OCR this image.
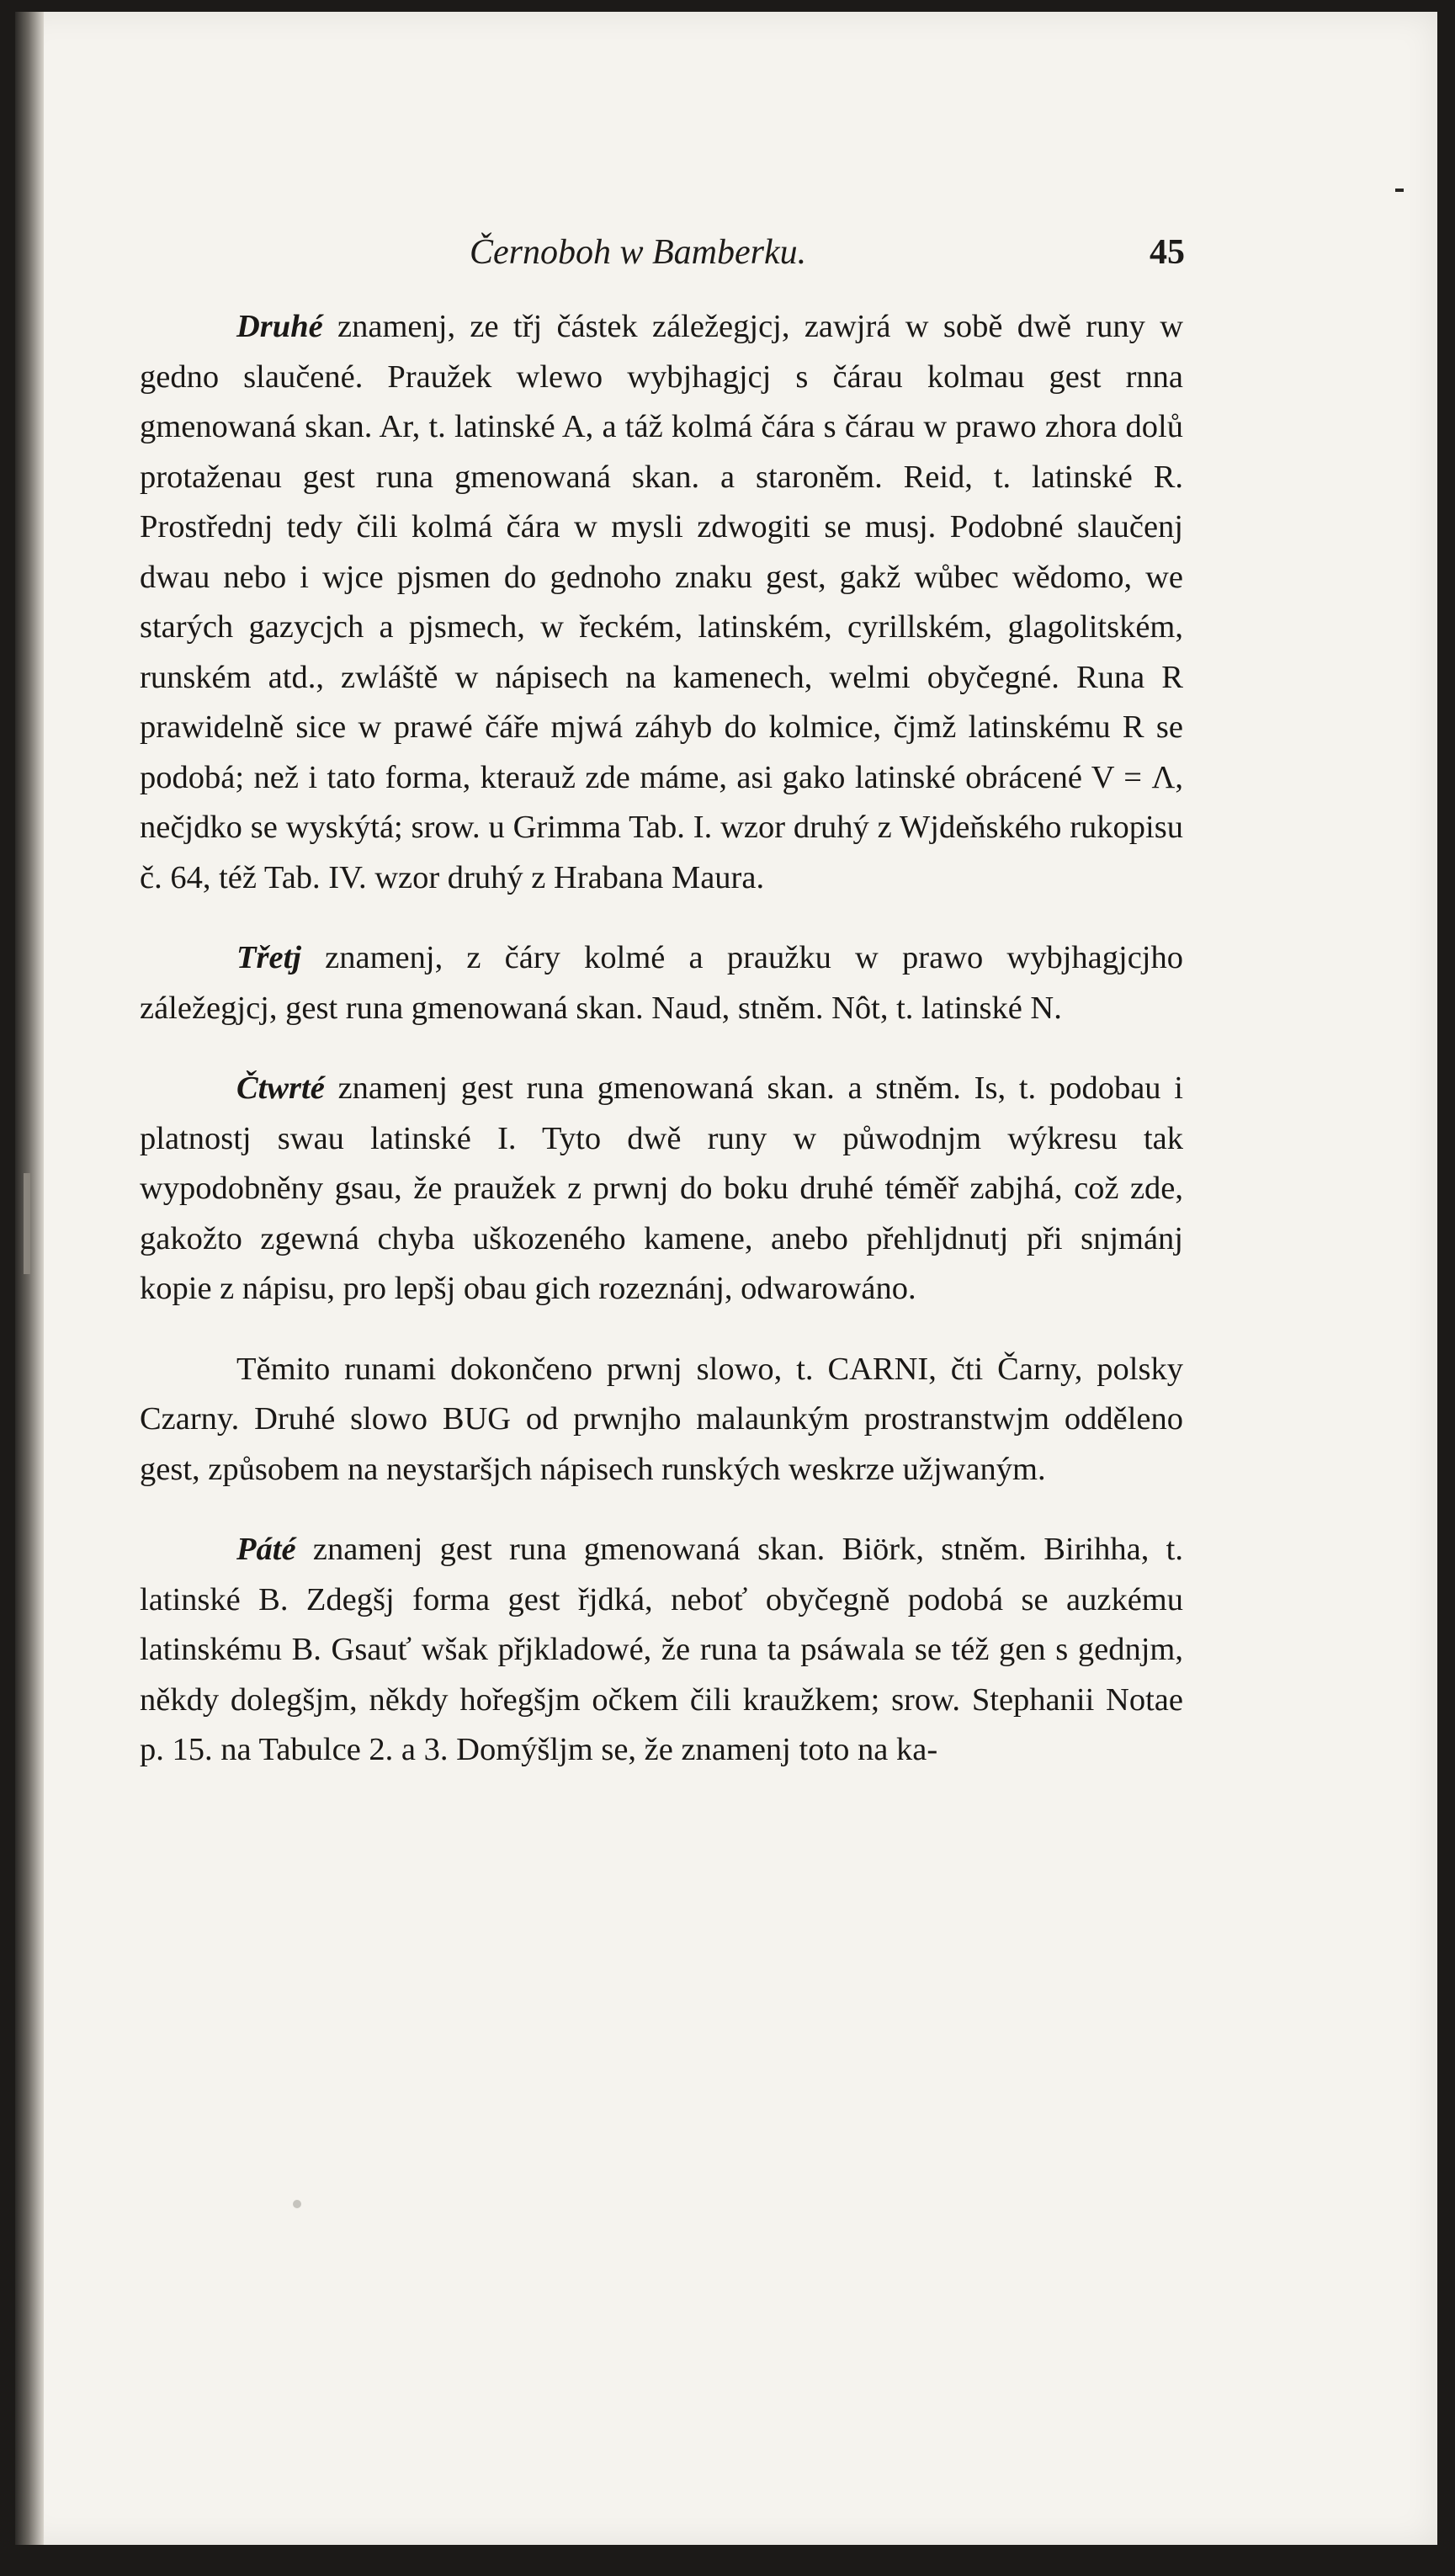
Černoboh w Bamberku.	45

Druhé znamenj, ze třj částek záležegjcj, zawjrá w sobě dwě runy w gedno slaučené. Praužek wlewo wybjhagjcj s čárau kolmau gest rnna gmenowaná skan. Ar, t. latinské A, a táž kolmá čára s čárau w prawo zhora dolů protaženau gest runa gmenowaná skan. a staroněm. Reid, t. latinské R. Prostřednj tedy čili kolmá čára w mysli zdwogiti se musj. Podobné slaučenj dwau nebo i wjce pjsmen do gednoho znaku gest, gakž wůbec wědomo, we starých gazycjch a pjsmech, w řeckém, latinském, cyrillském, glagolitském, runském atd., zwláště w nápisech na kamenech, welmi obyčegné. Runa R prawidelně sice w prawé čáře mjwá záhyb do kolmice, čjmž latinskému R se podobá; než i tato forma, kterauž zde máme, asi gako latinské obrácené V = Λ, nečjdko se wyskýtá; srow. u Grimma Tab. I. wzor druhý z Wjdeňského rukopisu č. 64, též Tab. IV. wzor druhý z Hrabana Maura.

Třetj znamenj, z čáry kolmé a praužku w prawo wybjhagjcjho záležegjcj, gest runa gmenowaná skan. Naud, stněm. Nôt, t. latinské N.

Čtwrté znamenj gest runa gmenowaná skan. a stněm. Is, t. podobau i platnostj swau latinské I. Tyto dwě runy w půwodnjm wýkresu tak wypodobněny gsau, že praužek z prwnj do boku druhé téměř zabjhá, což zde, gakožto zgewná chyba uškozeného kamene, anebo přehljdnutj při snjmánj kopie z nápisu, pro lepšj obau gich rozeznánj, odwarowáno.

Těmito runami dokončeno prwnj slowo, t. CARNI, čti Čarny, polsky Czarny. Druhé slowo BUG od prwnjho malaunkým prostranstwjm odděleno gest, způsobem na neystaršjch nápisech runských weskrze užjwaným.

Páté znamenj gest runa gmenowaná skan. Biörk, stněm. Birihha, t. latinské B. Zdegšj forma gest řjdká, neboť obyčegně podobá se auzkému latinskému B. Gsauť wšak přjkladowé, že runa ta psáwala se též gen s gednjm, někdy dolegšjm, někdy hořegšjm očkem čili kraužkem; srow. Stephanii Notae p. 15. na Tabulce 2. a 3. Domýšljm se, že znamenj toto na ka-
